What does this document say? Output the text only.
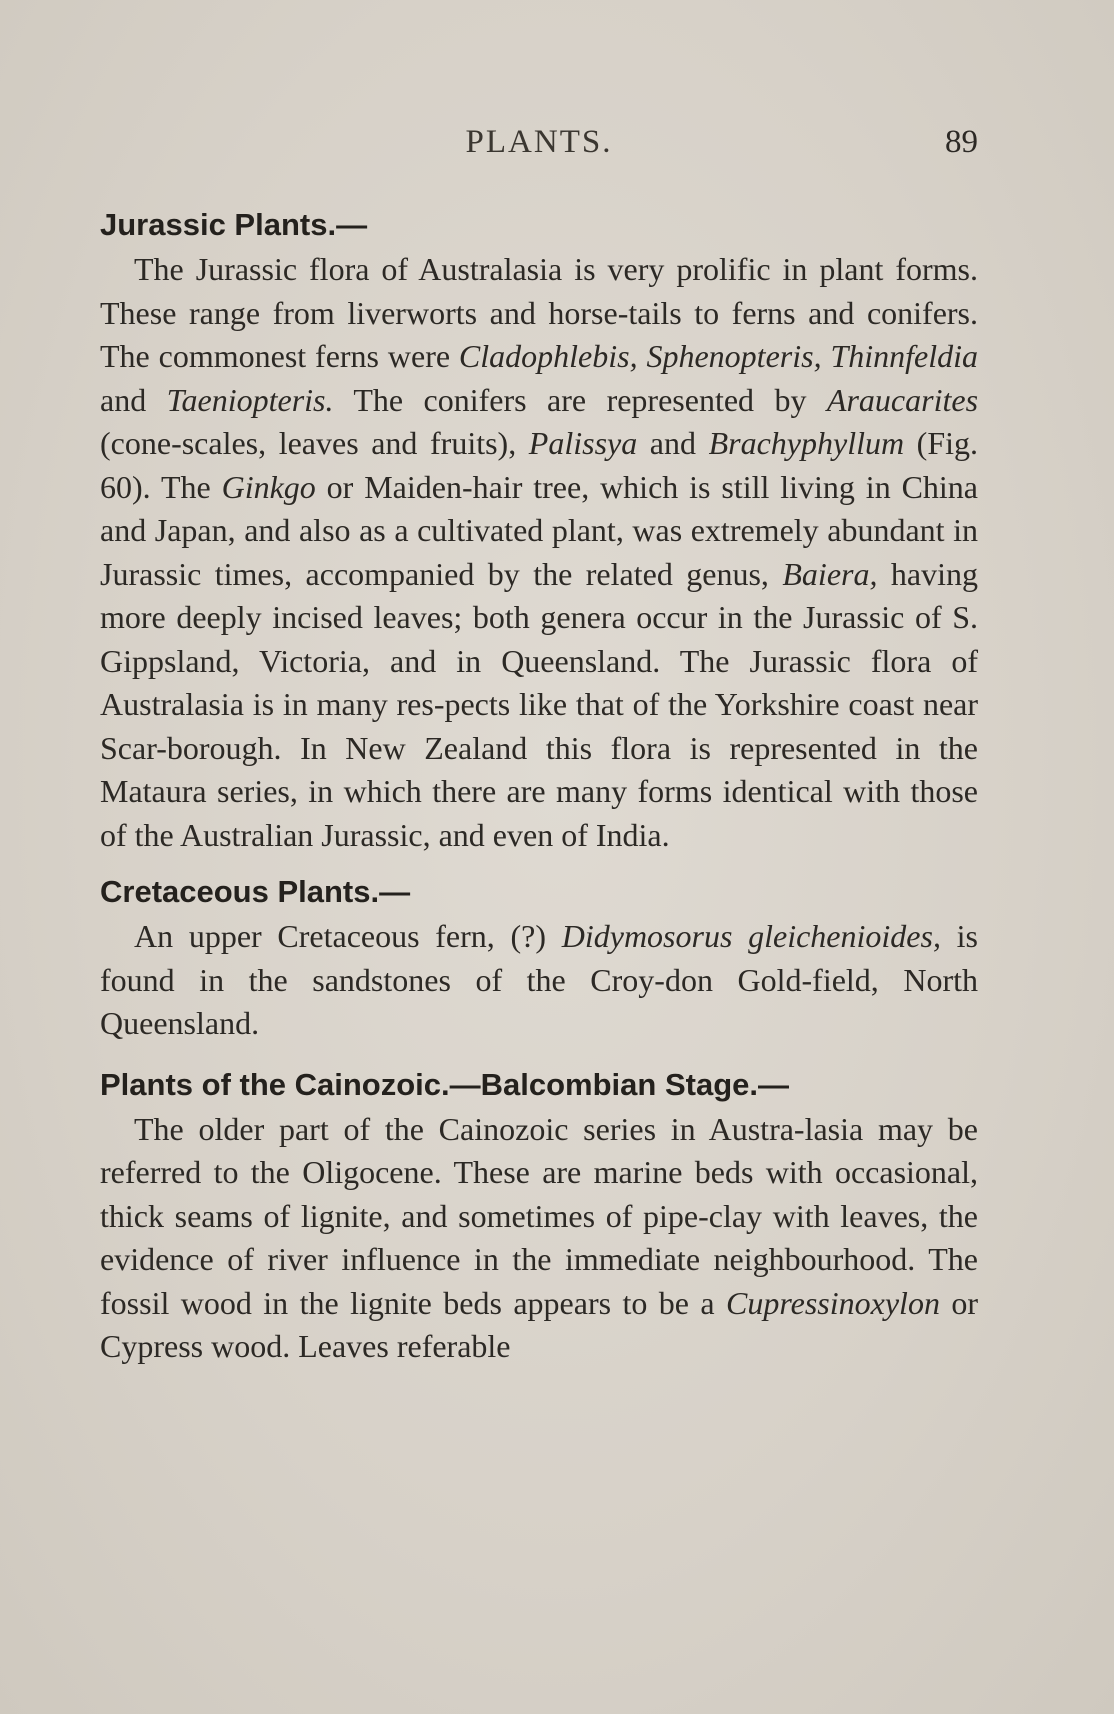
PLANTS.	89
Jurassic Plants.—

The Jurassic flora of Australasia is very prolific in plant forms. These range from liverworts and horse-tails to ferns and conifers. The commonest ferns were Cladophlebis, Sphenopteris, Thinnfeldia and Taeniopteris. The conifers are represented by Araucarites (cone-scales, leaves and fruits), Palissya and Brachyphyllum (Fig. 60). The Ginkgo or Maiden-hair tree, which is still living in China and Japan, and also as a cultivated plant, was extremely abundant in Jurassic times, accompanied by the related genus, Baiera, having more deeply incised leaves; both genera occur in the Jurassic of S. Gippsland, Victoria, and in Queensland. The Jurassic flora of Australasia is in many res-pects like that of the Yorkshire coast near Scar-borough. In New Zealand this flora is represented in the Mataura series, in which there are many forms identical with those of the Australian Jurassic, and even of India.

Cretaceous Plants.—

An upper Cretaceous fern, (?) Didymosorus gleichenioides, is found in the sandstones of the Croy-don Gold-field, North Queensland.

Plants of the Cainozoic.—Balcombian Stage.—

The older part of the Cainozoic series in Austra-lasia may be referred to the Oligocene. These are marine beds with occasional, thick seams of lignite, and sometimes of pipe-clay with leaves, the evidence of river influence in the immediate neighbourhood. The fossil wood in the lignite beds appears to be a Cupressinoxylon or Cypress wood. Leaves referable
